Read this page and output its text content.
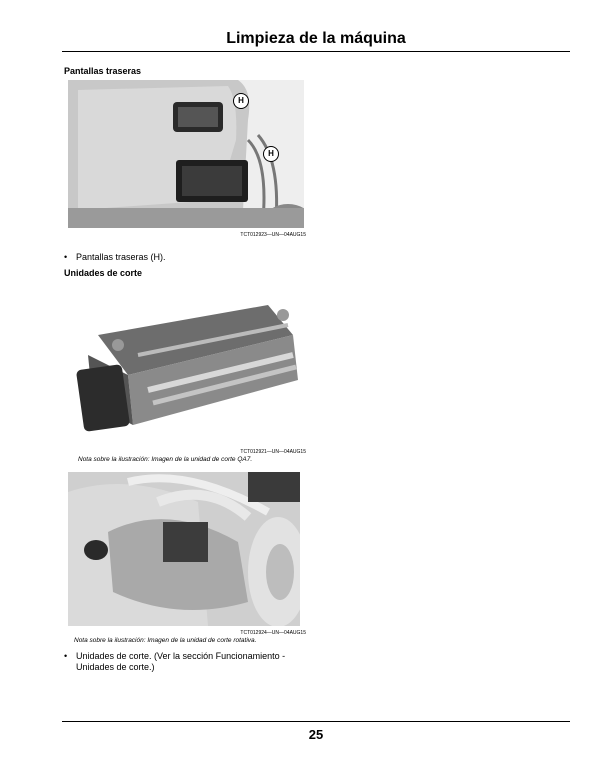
Limpieza de la máquina
Pantallas traseras
H
H
TCT012923—UN—04AUG15
• Pantallas traseras (H).
Unidades de corte
TCT012921—UN—04AUG15
Nota sobre la ilustración: Imagen de la unidad de corte QA7.
TCT012924—UN—04AUG15
Nota sobre la ilustración: Imagen de la unidad de corte rotativa.
• Unidades de corte. (Ver la sección Funcionamiento - Unidades de corte.)
25
